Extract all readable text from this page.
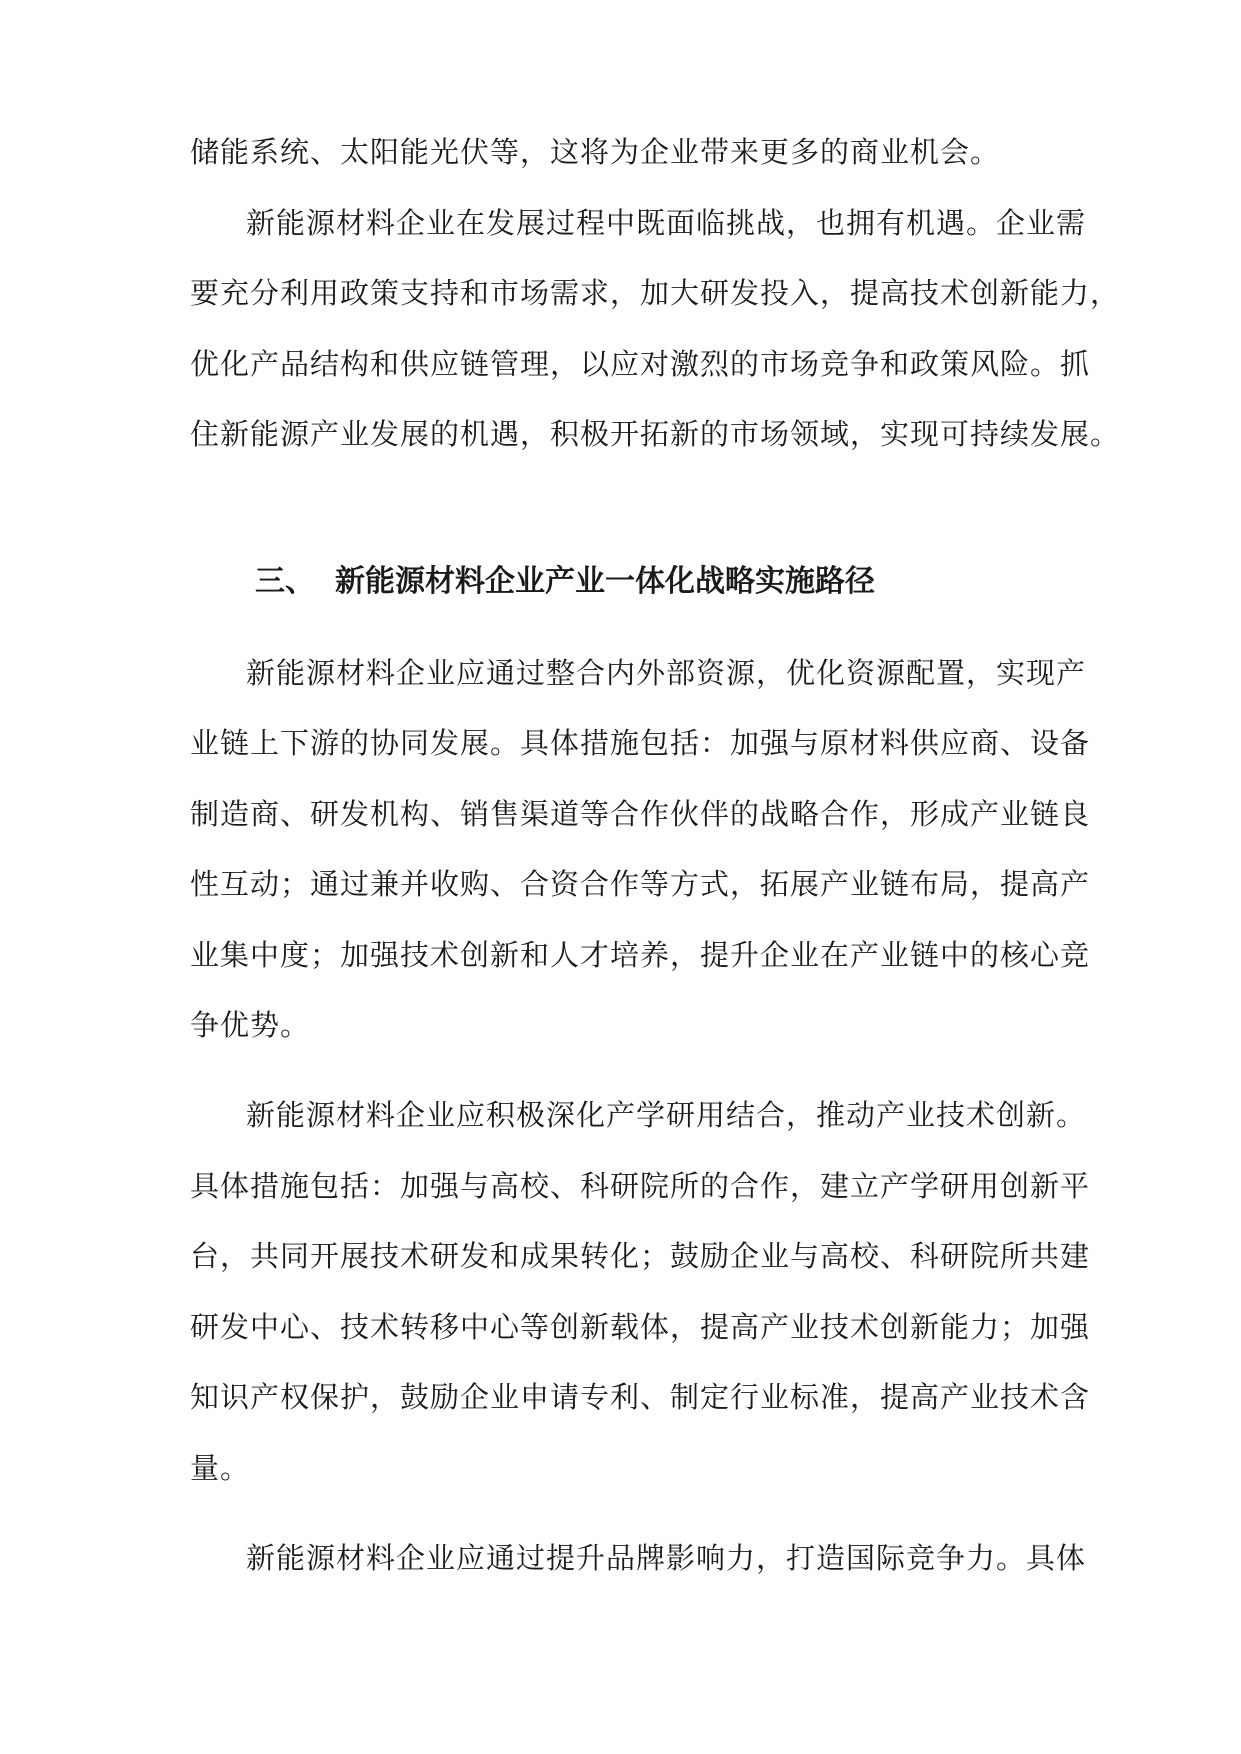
储能系统、太阳能光伏等，这将为企业带来更多的商业机会。
新能源材料企业在发展过程中既面临挑战，也拥有机遇。企业需
要充分利用政策支持和市场需求，加大研发投入，提高技术创新能力，
优化产品结构和供应链管理，以应对激烈的市场竞争和政策风险。抓
住新能源产业发展的机遇，积极开拓新的市场领域，实现可持续发展。
三、 新能源材料企业产业一体化战略实施路径
新能源材料企业应通过整合内外部资源，优化资源配置，实现产
业链上下游的协同发展。具体措施包括：加强与原材料供应商、设备
制造商、研发机构、销售渠道等合作伙伴的战略合作，形成产业链良
性互动；通过兼并收购、合资合作等方式，拓展产业链布局，提高产
业集中度；加强技术创新和人才培养，提升企业在产业链中的核心竞
争优势。
新能源材料企业应积极深化产学研用结合，推动产业技术创新。
具体措施包括：加强与高校、科研院所的合作，建立产学研用创新平
台，共同开展技术研发和成果转化；鼓励企业与高校、科研院所共建
研发中心、技术转移中心等创新载体，提高产业技术创新能力；加强
知识产权保护，鼓励企业申请专利、制定行业标准，提高产业技术含
量。
新能源材料企业应通过提升品牌影响力，打造国际竞争力。具体
